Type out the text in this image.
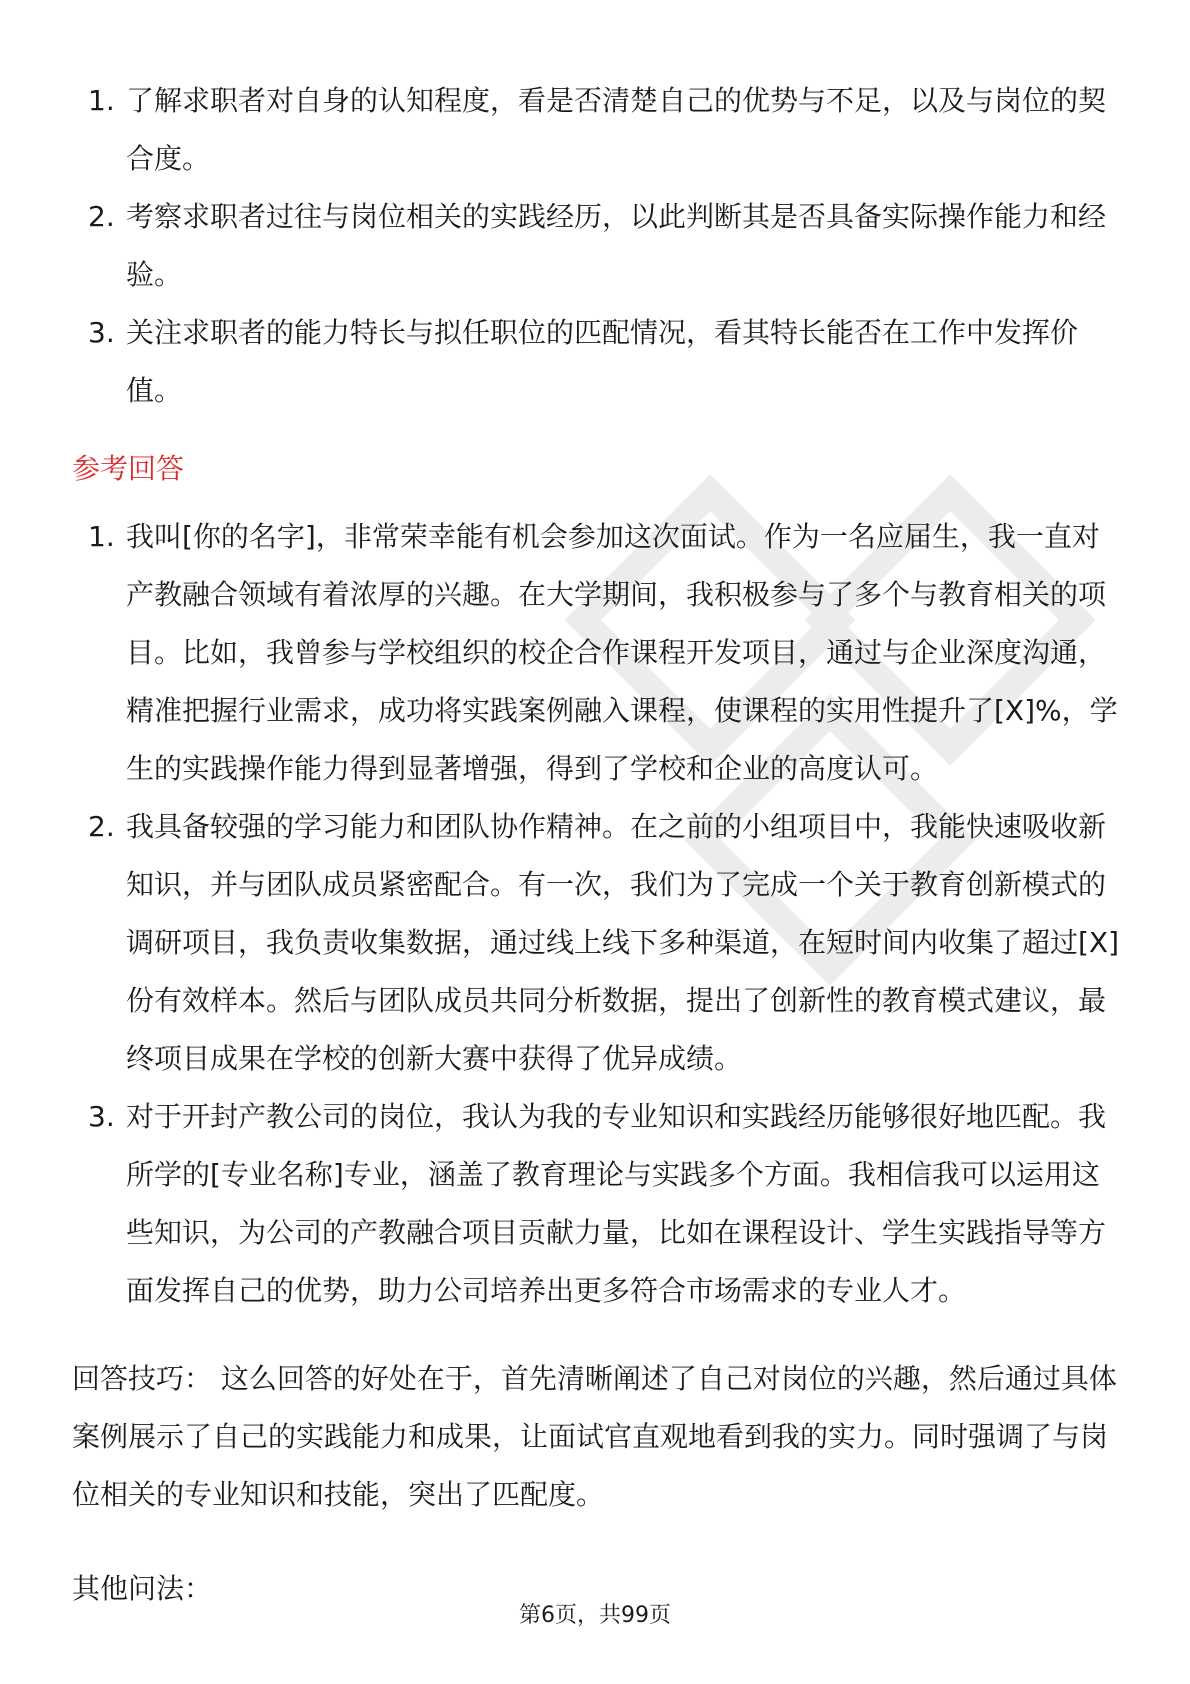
1. 了解求职者对自身的认知程度，看是否清楚自己的优势与不足，以及与岗位的契合度。
2. 考察求职者过往与岗位相关的实践经历，以此判断其是否具备实际操作能力和经验。
3. 关注求职者的能力特长与拟任职位的匹配情况，看其特长能否在工作中发挥价值。
参考回答
1. 我叫[你的名字]，非常荣幸能有机会参加这次面试。作为一名应届生，我一直对产教融合领域有着浓厚的兴趣。在大学期间，我积极参与了多个与教育相关的项目。比如，我曾参与学校组织的校企合作课程开发项目，通过与企业深度沟通，精准把握行业需求，成功将实践案例融入课程，使课程的实用性提升了[X]%，学生的实践操作能力得到显著增强，得到了学校和企业的高度认可。
2. 我具备较强的学习能力和团队协作精神。在之前的小组项目中，我能快速吸收新知识，并与团队成员紧密配合。有一次，我们为了完成一个关于教育创新模式的调研项目，我负责收集数据，通过线上线下多种渠道，在短时间内收集了超过[X]份有效样本。然后与团队成员共同分析数据，提出了创新性的教育模式建议，最终项目成果在学校的创新大赛中获得了优异成绩。
3. 对于开封产教公司的岗位，我认为我的专业知识和实践经历能够很好地匹配。我所学的[专业名称]专业，涵盖了教育理论与实践多个方面。我相信我可以运用这些知识，为公司的产教融合项目贡献力量，比如在课程设计、学生实践指导等方面发挥自己的优势，助力公司培养出更多符合市场需求的专业人才。

回答技巧： 这么回答的好处在于，首先清晰阐述了自己对岗位的兴趣，然后通过具体案例展示了自己的实践能力和成果，让面试官直观地看到我的实力。同时强调了与岗位相关的专业知识和技能，突出了匹配度。

其他问法：

第6页，共99页
